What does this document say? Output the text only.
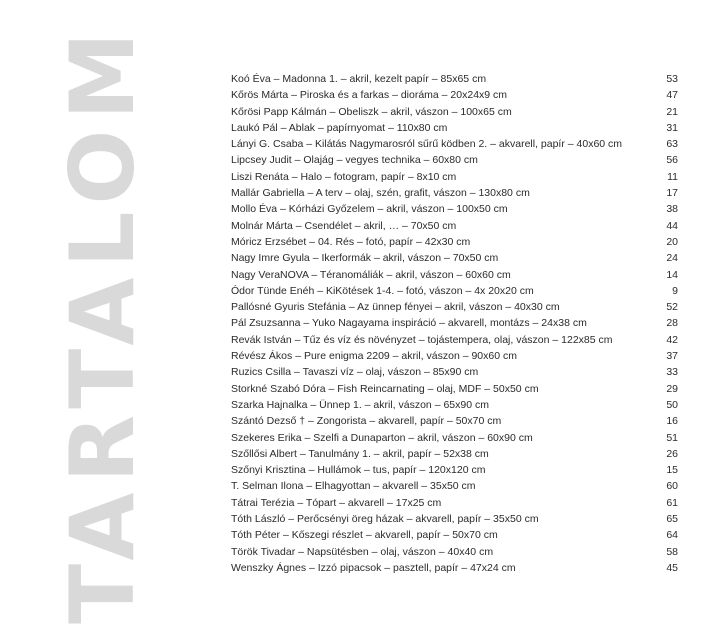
TARTALOM	Koó Éva – Madonna 1. – akril, kezelt papír – 85x65 cm	53
Kőrös Márta – Piroska és a farkas – dioráma – 20x24x9 cm	47
Kőrösi Papp Kálmán – Obeliszk – akril, vászon – 100x65 cm	21
Laukó Pál – Ablak – papírnyomat – 110x80 cm	31
Lányi G. Csaba – Kilátás Nagymarosról sűrű ködben 2. – akvarell, papír – 40x60 cm	63
Lipcsey Judit – Olajág – vegyes technika – 60x80 cm	56
Liszi Renáta – Halo – fotogram, papír – 8x10 cm	11
Mallár Gabriella – A terv – olaj, szén, grafit, vászon – 130x80 cm	17
Mollo Éva – Kórházi Győzelem – akril, vászon – 100x50 cm	38
Molnár Márta – Csendélet – akril, … – 70x50 cm	44
Móricz Erzsébet – 04. Rés – fotó, papír – 42x30 cm	20
Nagy Imre Gyula – Ikerformák – akril, vászon – 70x50 cm	24
Nagy VeraNOVA – Téranomáliák – akril, vászon – 60x60 cm	14
Ódor Tünde Enéh – KiKötések 1-4. – fotó, vászon – 4x 20x20 cm	9
Pallósné Gyuris Stefánia – Az ünnep fényei – akril, vászon – 40x30 cm	52
Pál Zsuzsanna – Yuko Nagayama inspiráció – akvarell, montázs – 24x38 cm	28
Revák István – Tűz és víz és növényzet – tojástempera, olaj, vászon – 122x85 cm	42
Révész Ákos – Pure enigma 2209 – akril, vászon – 90x60 cm	37
Ruzics Csilla – Tavaszi víz – olaj, vászon – 85x90 cm	33
Storkné Szabó Dóra – Fish Reincarnating – olaj, MDF – 50x50 cm	29
Szarka Hajnalka – Ünnep 1. – akril, vászon – 65x90 cm	50
Szántó Dezső † – Zongorista – akvarell, papír – 50x70 cm	16
Szekeres Erika – Szelfi a Dunaparton – akril, vászon – 60x90 cm	51
Szőllősi Albert – Tanulmány 1. – akril, papír – 52x38 cm	26
Szőnyi Krisztina – Hullámok – tus, papír – 120x120 cm	15
T. Selman Ilona – Elhagyottan – akvarell – 35x50 cm	60
Tátrai Terézia – Tópart – akvarell – 17x25 cm	61
Tóth László – Perőcsényi öreg házak – akvarell, papír – 35x50 cm	65
Tóth Péter – Kőszegi részlet – akvarell, papír – 50x70 cm	64
Török Tivadar – Napsütésben – olaj, vászon – 40x40 cm	58
Wenszky Ágnes – Izzó pipacsok – pasztell, papír – 47x24 cm	45
